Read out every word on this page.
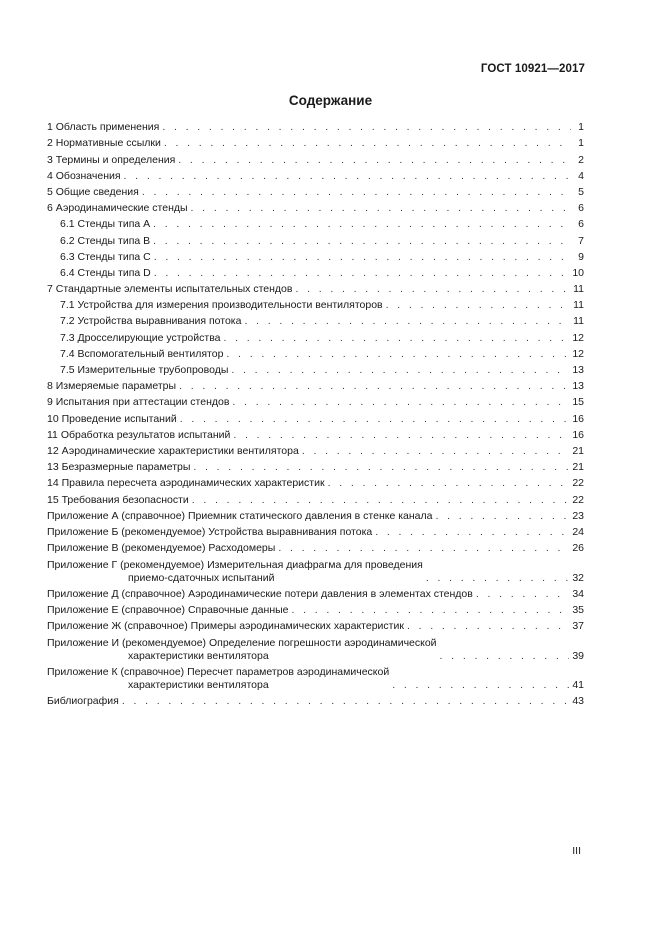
ГОСТ 10921—2017
Содержание
1 Область применения . . .	1
2 Нормативные ссылки . . .	1
3 Термины и определения . . .	2
4 Обозначения . . .	4
5 Общие сведения . . .	5
6 Аэродинамические стенды . . .	6
6.1 Стенды типа А . . .	6
6.2 Стенды типа В . . .	7
6.3 Стенды типа С . . .	9
6.4 Стенды типа D . . .	10
7 Стандартные элементы испытательных стендов . . .	11
7.1 Устройства для измерения производительности вентиляторов . . .	11
7.2 Устройства выравнивания потока . . .	11
7.3 Дросселирующие устройства . . .	12
7.4 Вспомогательный вентилятор . . .	12
7.5 Измерительные трубопроводы . . .	13
8 Измеряемые параметры . . .	13
9 Испытания при аттестации стендов . . .	15
10 Проведение испытаний . . .	16
11 Обработка результатов испытаний . . .	16
12 Аэродинамические характеристики вентилятора . . .	21
13 Безразмерные параметры . . .	21
14 Правила пересчета аэродинамических характеристик . . .	22
15 Требования безопасности . . .	22
Приложение А (справочное) Приемник статического давления в стенке канала . . .	23
Приложение Б (рекомендуемое) Устройства выравнивания потока . . .	24
Приложение В (рекомендуемое) Расходомеры . . .	26
Приложение Г (рекомендуемое) Измерительная диафрагма для проведения
приемо-сдаточных испытаний . . .	32
Приложение Д (справочное) Аэродинамические потери давления в элементах стендов . . .	34
Приложение Е (справочное) Справочные данные . . .	35
Приложение Ж (справочное) Примеры аэродинамических характеристик . . .	37
Приложение И (рекомендуемое) Определение погрешности аэродинамической
характеристики вентилятора . . .	39
Приложение К (справочное) Пересчет параметров аэродинамической
характеристики вентилятора . . .	41
Библиография . . .	43
III
